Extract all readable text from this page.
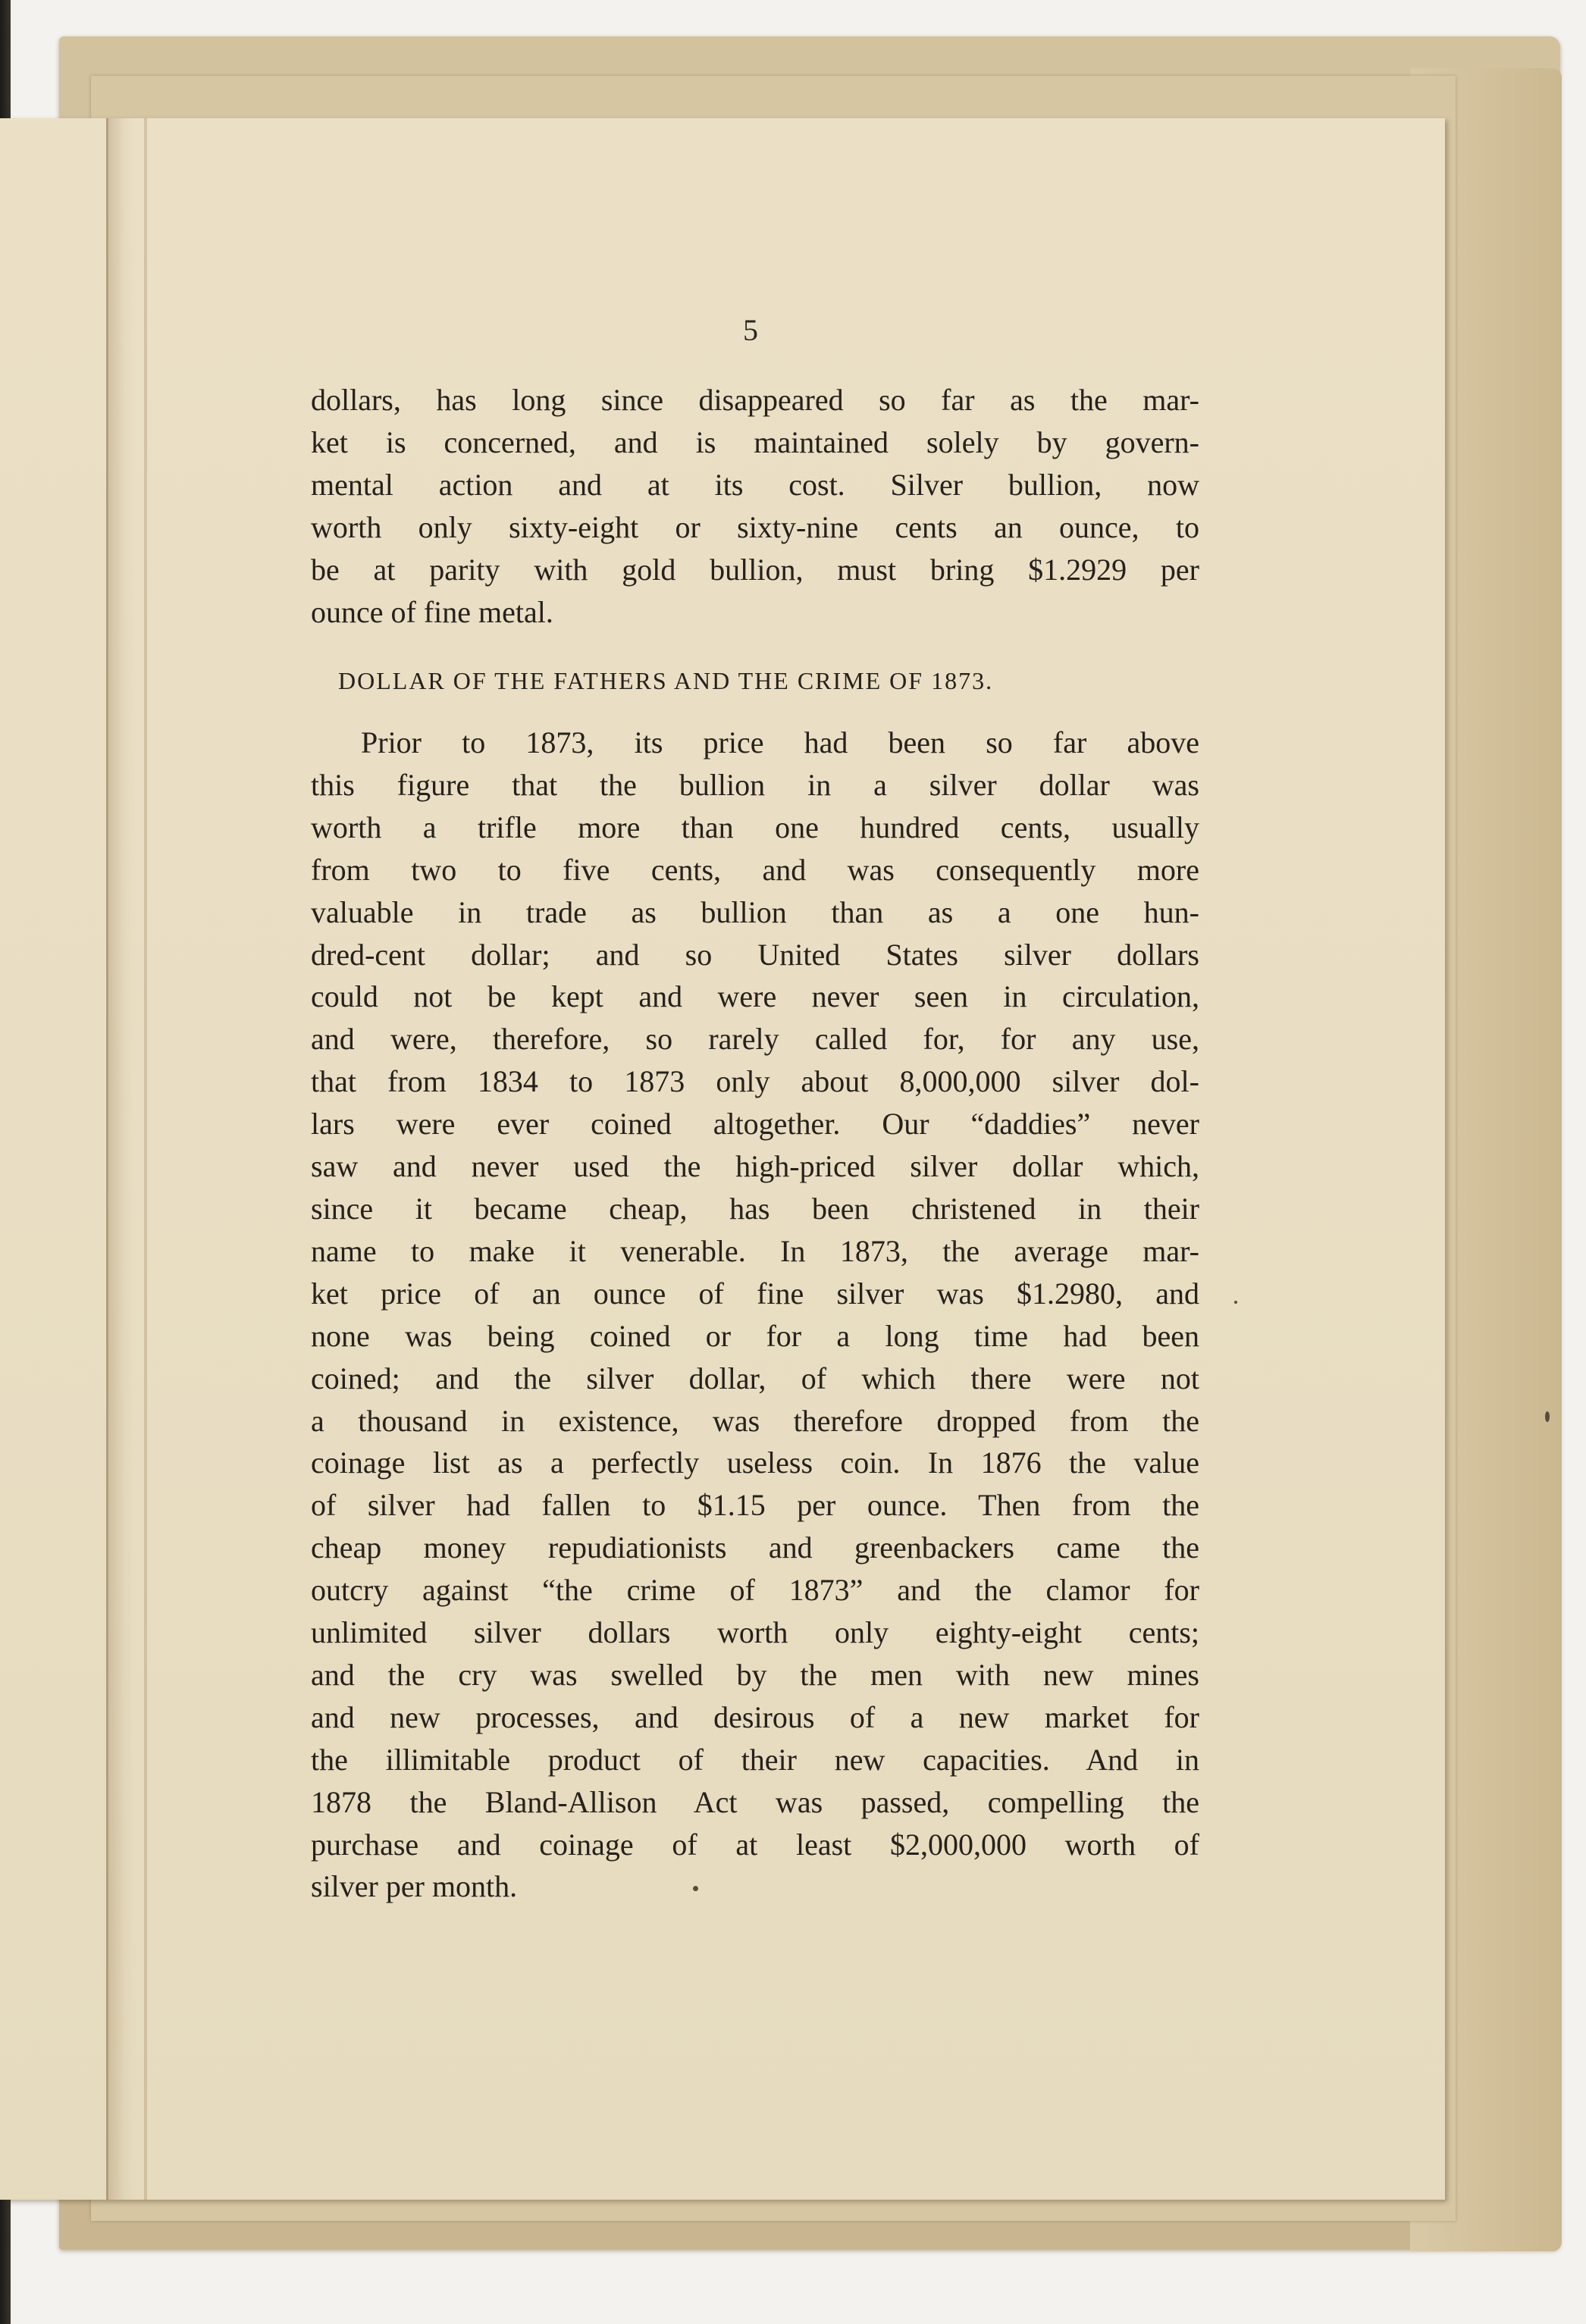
5
dollars, has long since disappeared so far as the mar-
ket is concerned, and is maintained solely by govern-
mental action and at its cost. Silver bullion, now
worth only sixty-eight or sixty-nine cents an ounce, to
be at parity with gold bullion, must bring $1.2929 per
ounce of fine metal.
DOLLAR OF THE FATHERS AND THE CRIME OF 1873.
Prior to 1873, its price had been so far above
this figure that the bullion in a silver dollar was
worth a trifle more than one hundred cents, usually
from two to five cents, and was consequently more
valuable in trade as bullion than as a one hun-
dred-cent dollar; and so United States silver dollars
could not be kept and were never seen in circulation,
and were, therefore, so rarely called for, for any use,
that from 1834 to 1873 only about 8,000,000 silver dol-
lars were ever coined altogether. Our “daddies” never
saw and never used the high-priced silver dollar which,
since it became cheap, has been christened in their
name to make it venerable. In 1873, the average mar-
ket price of an ounce of fine silver was $1.2980, and
none was being coined or for a long time had been
coined; and the silver dollar, of which there were not
a thousand in existence, was therefore dropped from the
coinage list as a perfectly useless coin. In 1876 the value
of silver had fallen to $1.15 per ounce. Then from the
cheap money repudiationists and greenbackers came the
outcry against “the crime of 1873” and the clamor for
unlimited silver dollars worth only eighty-eight cents;
and the cry was swelled by the men with new mines
and new processes, and desirous of a new market for
the illimitable product of their new capacities. And in
1878 the Bland-Allison Act was passed, compelling the
purchase and coinage of at least $2,000,000 worth of
silver per month.
